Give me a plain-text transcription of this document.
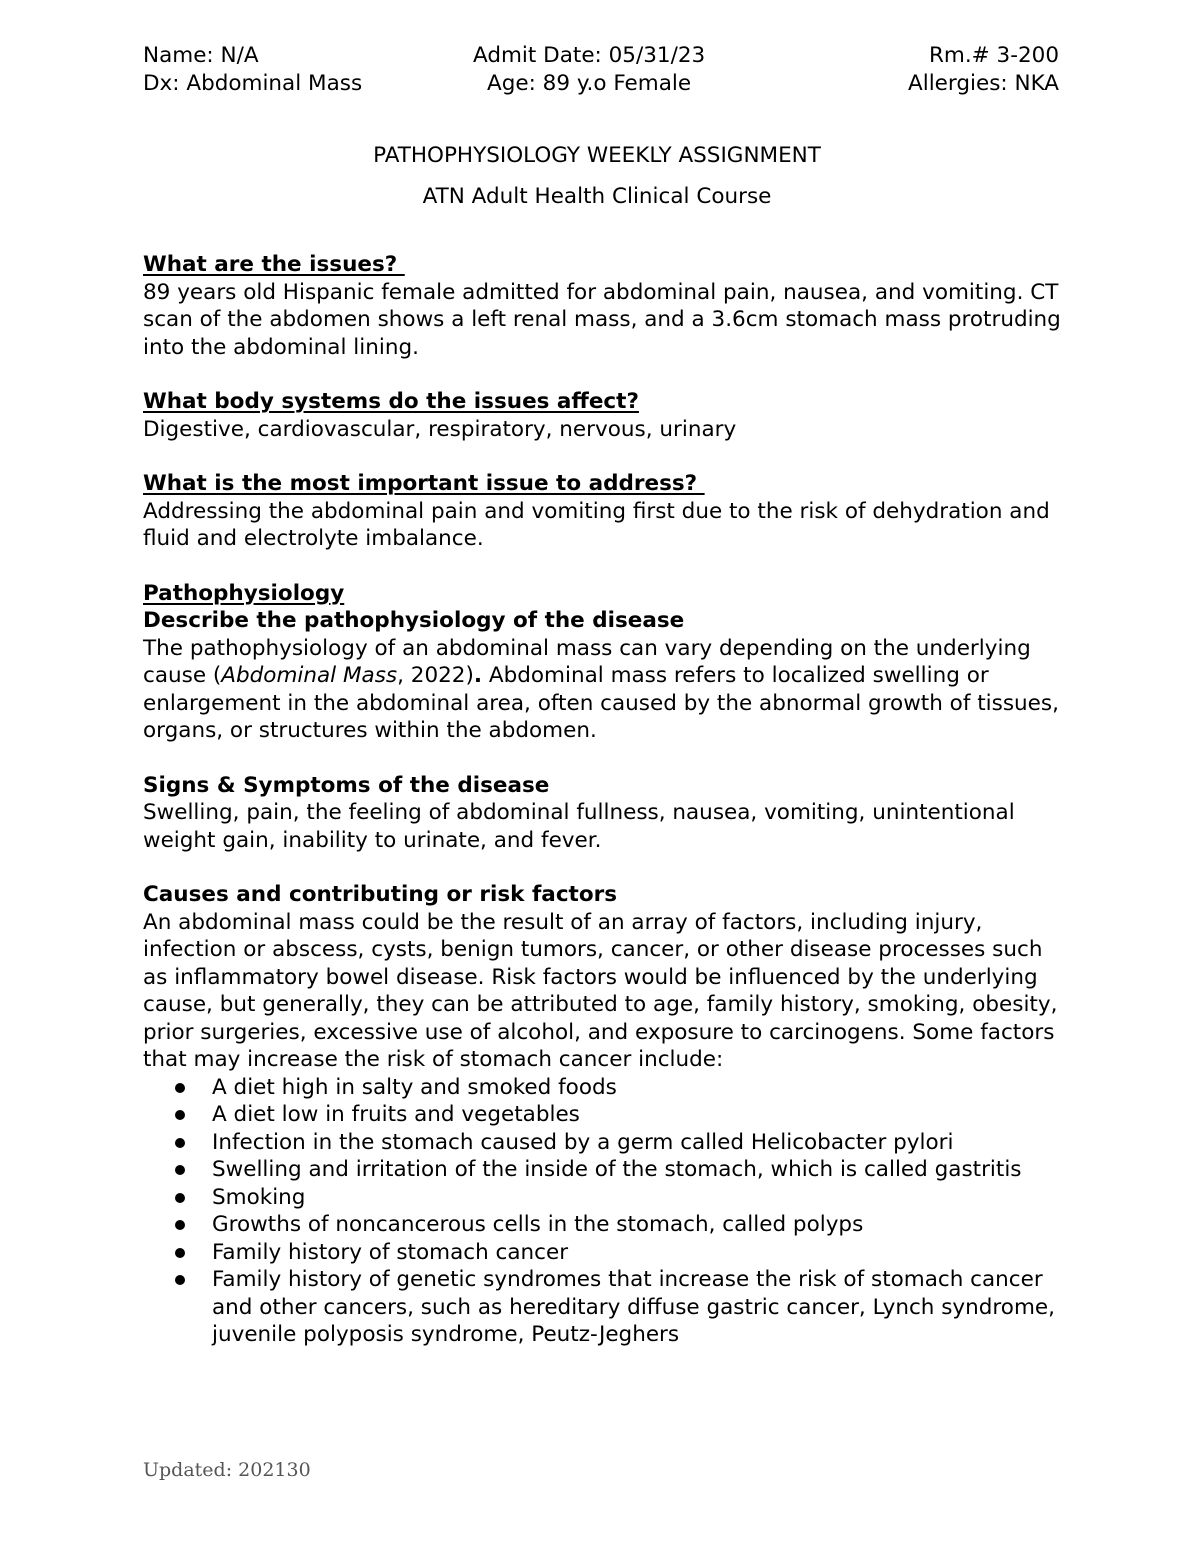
Name: N/A	Admit Date: 05/31/23	Rm.# 3-200
Dx: Abdominal Mass	Age: 89 y.o Female	Allergies: NKA
PATHOPHYSIOLOGY WEEKLY ASSIGNMENT
ATN Adult Health Clinical Course
What are the issues?

89 years old Hispanic female admitted for abdominal pain, nausea, and vomiting. CT scan of the abdomen shows a left renal mass, and a 3.6cm stomach mass protruding into the abdominal lining.

What body systems do the issues affect?

Digestive, cardiovascular, respiratory, nervous, urinary

What is the most important issue to address?

Addressing the abdominal pain and vomiting first due to the risk of dehydration and fluid and electrolyte imbalance.

Pathophysiology
Describe the pathophysiology of the disease

The pathophysiology of an abdominal mass can vary depending on the underlying cause (Abdominal Mass, 2022). Abdominal mass refers to localized swelling or enlargement in the abdominal area, often caused by the abnormal growth of tissues, organs, or structures within the abdomen.

Signs & Symptoms of the disease

Swelling, pain, the feeling of abdominal fullness, nausea, vomiting, unintentional weight gain, inability to urinate, and fever.

Causes and contributing or risk factors

An abdominal mass could be the result of an array of factors, including injury, infection or abscess, cysts, benign tumors, cancer, or other disease processes such as inflammatory bowel disease. Risk factors would be influenced by the underlying cause, but generally, they can be attributed to age, family history, smoking, obesity, prior surgeries, excessive use of alcohol, and exposure to carcinogens. Some factors that may increase the risk of stomach cancer include:

A diet high in salty and smoked foods
A diet low in fruits and vegetables
Infection in the stomach caused by a germ called Helicobacter pylori
Swelling and irritation of the inside of the stomach, which is called gastritis
Smoking
Growths of noncancerous cells in the stomach, called polyps
Family history of stomach cancer
Family history of genetic syndromes that increase the risk of stomach cancer and other cancers, such as hereditary diffuse gastric cancer, Lynch syndrome, juvenile polyposis syndrome, Peutz-Jeghers
Updated: 202130
